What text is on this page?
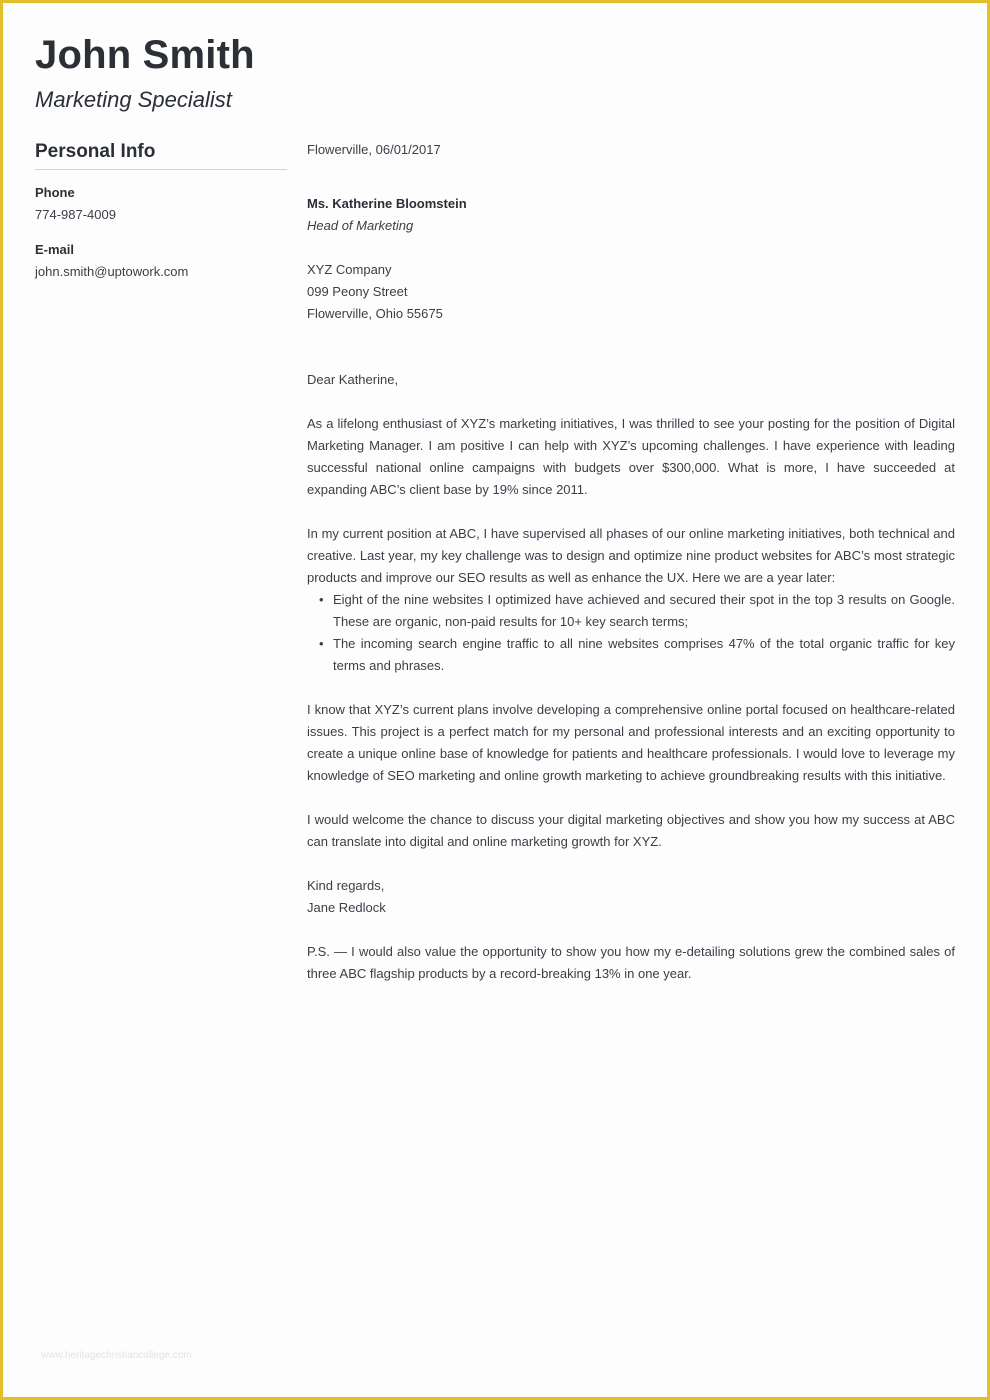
John Smith
Marketing Specialist
Personal Info
Phone
774-987-4009
E-mail
john.smith@uptowork.com

Flowerville, 06/01/2017

Ms. Katherine Bloomstein

Head of Marketing

XYZ Company

099 Peony Street

Flowerville, Ohio 55675

Dear Katherine,

As a lifelong enthusiast of XYZ’s marketing initiatives, I was thrilled to see your posting for the position of Digital Marketing Manager. I am positive I can help with XYZ’s upcoming challenges. I have experience with leading successful national online campaigns with budgets over $300,000. What is more, I have succeeded at expanding ABC’s client base by 19% since 2011.

In my current position at ABC, I have supervised all phases of our online marketing initiatives, both technical and creative. Last year, my key challenge was to design and optimize nine product websites for ABC’s most strategic products and improve our SEO results as well as enhance the UX. Here we are a year later:

• Eight of the nine websites I optimized have achieved and secured their spot in the top 3 results on Google. These are organic, non-paid results for 10+ key search terms;
• The incoming search engine traffic to all nine websites comprises 47% of the total organic traffic for key terms and phrases.

I know that XYZ’s current plans involve developing a comprehensive online portal focused on healthcare-related issues. This project is a perfect match for my personal and professional interests and an exciting opportunity to create a unique online base of knowledge for patients and healthcare professionals. I would love to leverage my knowledge of SEO marketing and online growth marketing to achieve groundbreaking results with this initiative.

I would welcome the chance to discuss your digital marketing objectives and show you how my success at ABC can translate into digital and online marketing growth for XYZ.

Kind regards,

Jane Redlock

P.S. — I would also value the opportunity to show you how my e-detailing solutions grew the combined sales of three ABC flagship products by a record-breaking 13% in one year.

www.heritagechristiancollege.com
